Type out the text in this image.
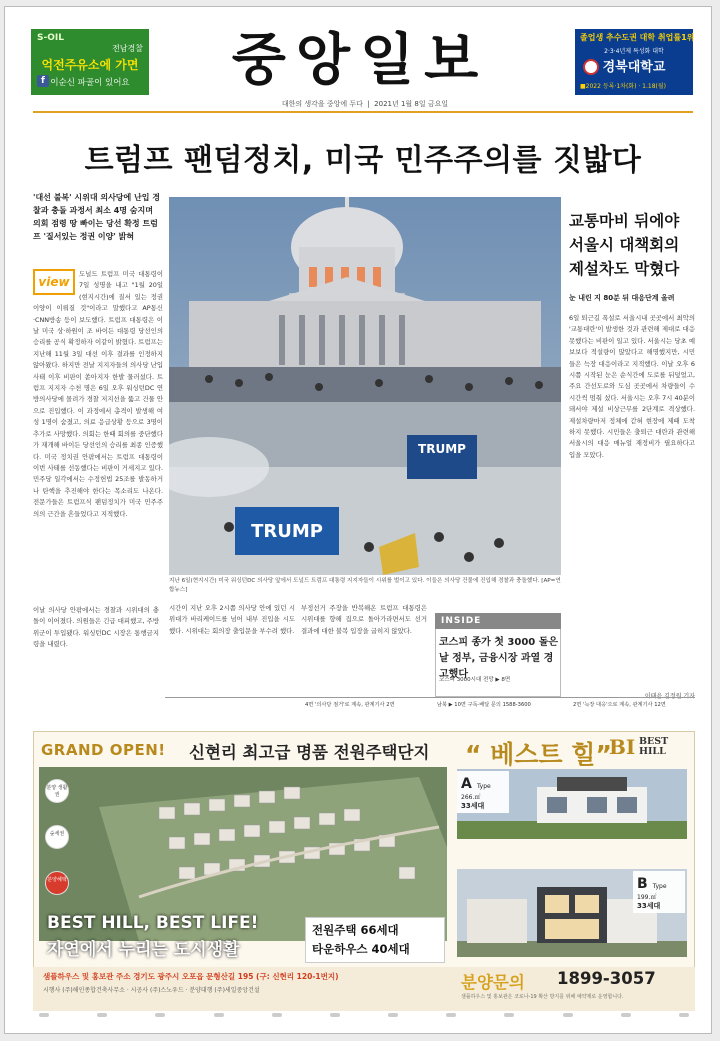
S-OIL
전남경찰
억전주유소에 가면
이순신 파골이 있어요
f	중앙일보
대한의 생각을 중앙에 두다  |  2021년 1월 8일 금요일
졸업생 추수도권 대학 취업률1위
2·3·4년제 특성화 대학
경북대학교
■2022 등록·1차(화) · 1.18(월)
트럼프 팬덤정치, 미국 민주주의를 짓밟다
'대선 불복' 시위대 의사당에 난입 경찰과 충돌 과정서 최소 4명 숨지며 의회 점령 땅 빠이는 당선 확정 트럼프 '질서있는 정권 이양' 밝혀
view
도널드 트럼프 미국 대통령이 7일 성명을 내고 "1월 20일(현지시간)에 질서 있는 정권 이양이 이뤄질 것"이라고 말했다고 AP통신·CNN방송 등이 보도했다. 트럼프 대통령은 이날 미국 상·하원이 조 바이든 대통령 당선인의 승리를 공식 확정하자 이같이 밝혔다. 트럼프는 지난해 11월 3일 대선 이후 결과를 인정하지 않아왔다. 하지만 전날 지지자들의 의사당 난입 사태 이후 비판이 쏟아지자 한발 물러섰다. 트럼프 지지자 수천 명은 6일 오후 워싱턴DC 연방의사당에 몰려가 경찰 저지선을 뚫고 건물 안으로 진입했다. 이 과정에서 총격이 발생해 여성 1명이 숨졌고, 의료 응급상황 등으로 3명이 추가로 사망했다. 의회는 한때 회의를 중단했다가 재개해 바이든 당선인의 승리를 최종 인증했다. 미국 정치권 안팎에서는 트럼프 대통령이 이번 사태를 선동했다는 비판이 거세지고 있다. 민주당 일각에서는 수정헌법 25조를 발동하거나 탄핵을 추진해야 한다는 목소리도 나온다. 전문가들은 트럼프식 팬덤정치가 미국 민주주의의 근간을 흔들었다고 지적했다.
TRUMP
TRUMP
지난 6일(현지시간) 미국 워싱턴DC 의사당 앞에서 도널드 트럼프 대통령 지지자들이 시위를 벌이고 있다. 이들은 의사당 건물에 진입해 경찰과 충돌했다. [AP=연합뉴스]
교통마비 뒤에야 서울시 대책회의 제설차도 막혔다
눈 내린 지 80분 뒤 대응단계 올려
6일 퇴근길 폭설로 서울시내 곳곳에서 최악의 '교통대란'이 발생한 것과 관련해 제대로 대응 못했다는 비판이 일고 있다. 서울시는 당초 예보보다 적설량이 많았다고 해명했지만, 시민들은 늑장 대응이라고 지적했다. 이날 오후 6시쯤 시작된 눈은 순식간에 도로를 뒤덮었고, 주요 간선도로와 도심 곳곳에서 차량들이 수 시간씩 멈춰 섰다. 서울시는 오후 7시 40분이 돼서야 제설 비상근무를 2단계로 격상했다. 제설차량마저 정체에 갇혀 현장에 제때 도착하지 못했다. 시민들은 출퇴근 대란과 관련해 서울시의 대응 매뉴얼 재정비가 필요하다고 입을 모았다.
이날 의사당 안팎에서는 경찰과 시위대의 충돌이 이어졌다. 의원들은 긴급 대피했고, 주방위군이 투입됐다. 워싱턴DC 시장은 통행금지령을 내렸다.
시간이 지난 오후 2시쯤 의사당 안에 있던 시위대가 바리케이드를 넘어 내부 진입을 시도했다. 시위대는 회의장 출입문을 부수려 했다.
부정선거 주장을 반복해온 트럼프 대통령은 시위대를 향해 집으로 돌아가라면서도 선거 결과에 대한 불복 입장을 굽히지 않았다.
INSIDE
코스피 종가 첫 3000 돌은 날 정부, 금융시장 과열 경고했다
코스피 3000시대 전망 ▶ 8면
4면 '의사당 점거'로 계속, 관계기사 2면	남북 ▶ 10면 구독·배달 문의 1588-3600	2면 '늑장 대응'으로 계속, 관계기사 12면
GRAND OPEN! 신현리 최고급 명품 전원주택단지 “ 베스트 힐”
BI BEST HILL
분양 생활권
숲세권
분양혜택
BEST HILL, BEST LIFE!
자연에서 누리는 도시생활
전원주택 66세대
타운하우스 40세대
A Type
266.㎡
33세대
B Type
199.㎡
33세대
샘플하우스 및 홍보관 주소 경기도 광주시 오포읍 문형산길 195 (구: 신현리 120-1번지)
시행사 (주)해인종합건축사무소 · 시공사 (주)스노우드 · 분양대행 (주)세일중앙건설	분양문의 1899-3057
샘플하우스 및 홍보관은 코로나-19 확산 방지를 위해 예약제로 운영합니다.
